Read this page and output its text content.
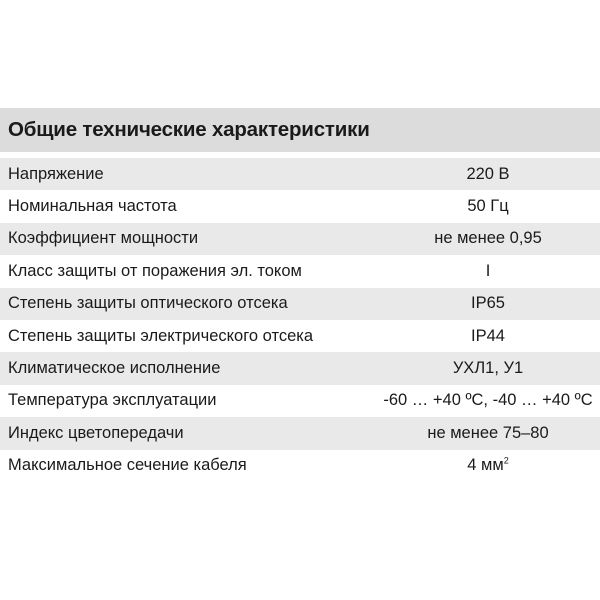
Общие технические характеристики
Напряжение	220 В
Номинальная частота	50 Гц
Коэффициент мощности	не менее 0,95
Класс защиты от поражения эл. током	I
Степень защиты оптического отсека	IP65
Степень защиты электрического отсека	IP44
Климатическое исполнение	УХЛ1, У1
Температура эксплуатации	-60 … +40 ºС, -40 … +40 ºС
Индекс цветопередачи	не менее 75–80
Максимальное сечение кабеля	4 $мм^2$
